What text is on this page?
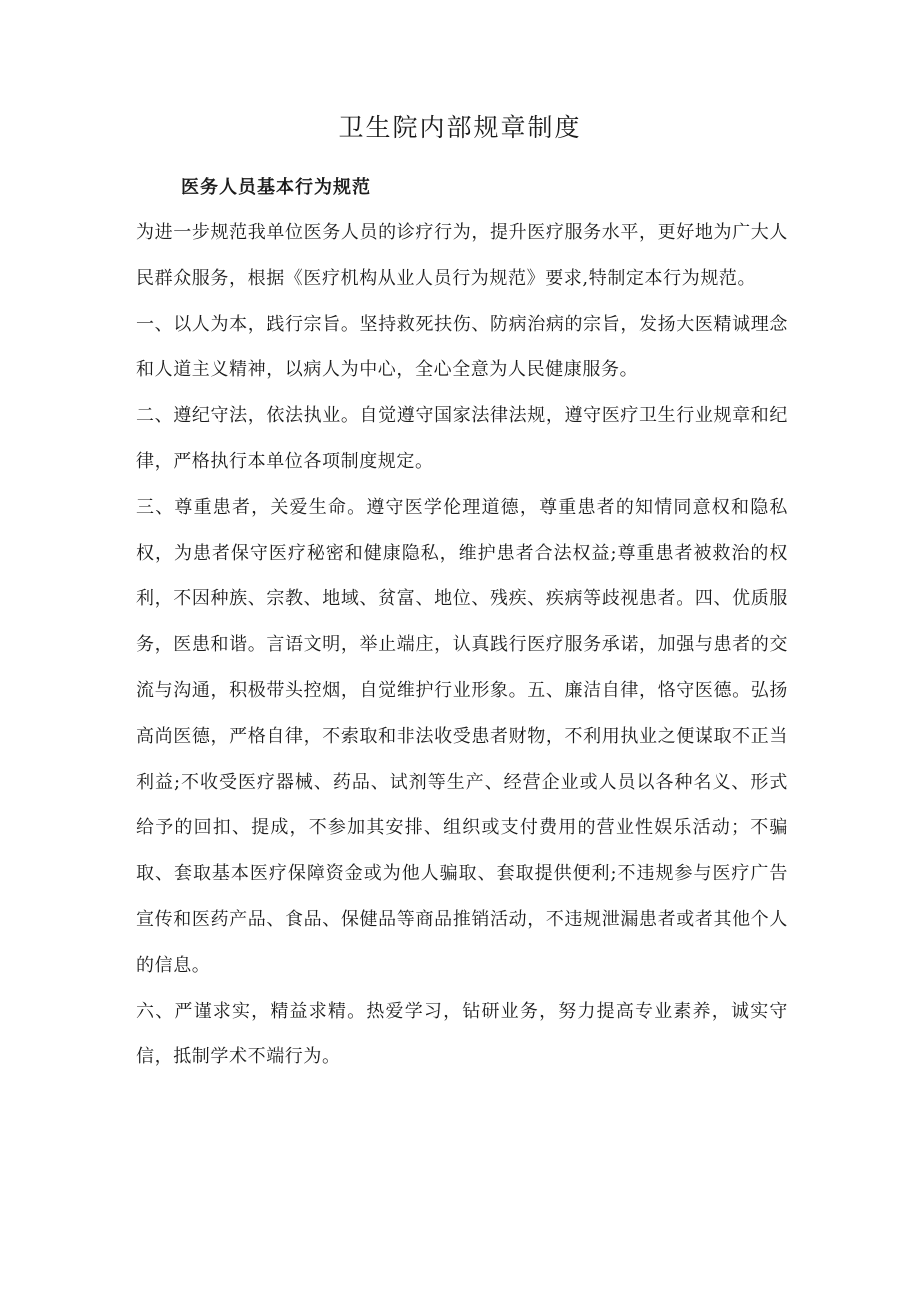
卫生院内部规章制度
医务人员基本行为规范

为进一步规范我单位医务人员的诊疗行为，提升医疗服务水平，更好地为广大人民群众服务，根据《医疗机构从业人员行为规范》要求,特制定本行为规范。

一、以人为本，践行宗旨。坚持救死扶伤、防病治病的宗旨，发扬大医精诚理念和人道主义精神，以病人为中心，全心全意为人民健康服务。

二、遵纪守法，依法执业。自觉遵守国家法律法规，遵守医疗卫生行业规章和纪律，严格执行本单位各项制度规定。

三、尊重患者，关爱生命。遵守医学伦理道德，尊重患者的知情同意权和隐私权，为患者保守医疗秘密和健康隐私，维护患者合法权益;尊重患者被救治的权利，不因种族、宗教、地域、贫富、地位、残疾、疾病等歧视患者。四、优质服务，医患和谐。言语文明，举止端庄，认真践行医疗服务承诺，加强与患者的交流与沟通，积极带头控烟，自觉维护行业形象。五、廉洁自律，恪守医德。弘扬高尚医德，严格自律，不索取和非法收受患者财物，不利用执业之便谋取不正当利益;不收受医疗器械、药品、试剂等生产、经营企业或人员以各种名义、形式给予的回扣、提成，不参加其安排、组织或支付费用的营业性娱乐活动；不骗取、套取基本医疗保障资金或为他人骗取、套取提供便利;不违规参与医疗广告宣传和医药产品、食品、保健品等商品推销活动，不违规泄漏患者或者其他个人的信息。

六、严谨求实，精益求精。热爱学习，钻研业务，努力提高专业素养，诚实守信，抵制学术不端行为。
